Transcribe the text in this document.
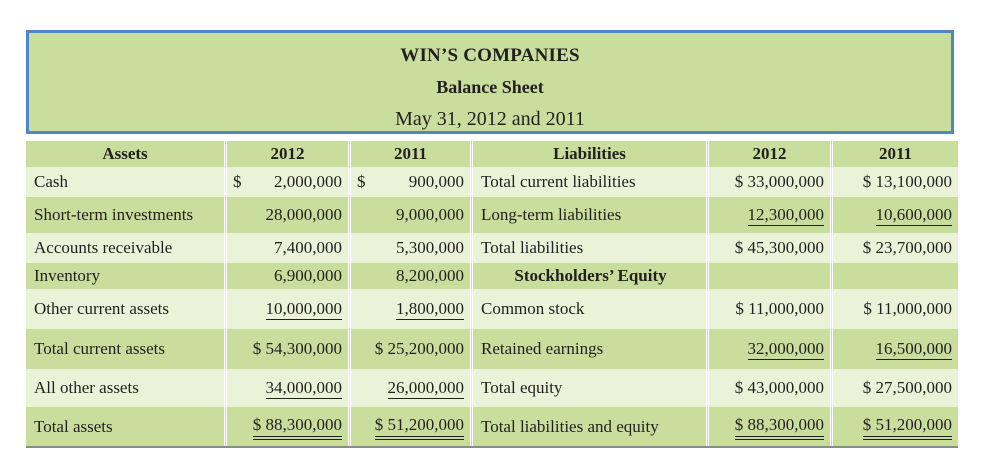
WIN’S COMPANIES
Balance Sheet
May 31, 2012 and 2011
Assets	2012	2011	Liabilities	2012	2011
Cash	$ 2,000,000	$ 900,000	Total current liabilities	$ 33,000,000	$ 13,100,000
Short-term investments	28,000,000	9,000,000	Long-term liabilities	12,300,000	10,600,000
Accounts receivable	7,400,000	5,300,000	Total liabilities	$ 45,300,000	$ 23,700,000
Inventory	6,900,000	8,200,000	Stockholders’ Equity		
Other current assets	10,000,000	1,800,000	Common stock	$ 11,000,000	$ 11,000,000
Total current assets	$ 54,300,000	$ 25,200,000	Retained earnings	32,000,000	16,500,000
All other assets	34,000,000	26,000,000	Total equity	$ 43,000,000	$ 27,500,000
Total assets	$ 88,300,000	$ 51,200,000	Total liabilities and equity	$ 88,300,000	$ 51,200,000
